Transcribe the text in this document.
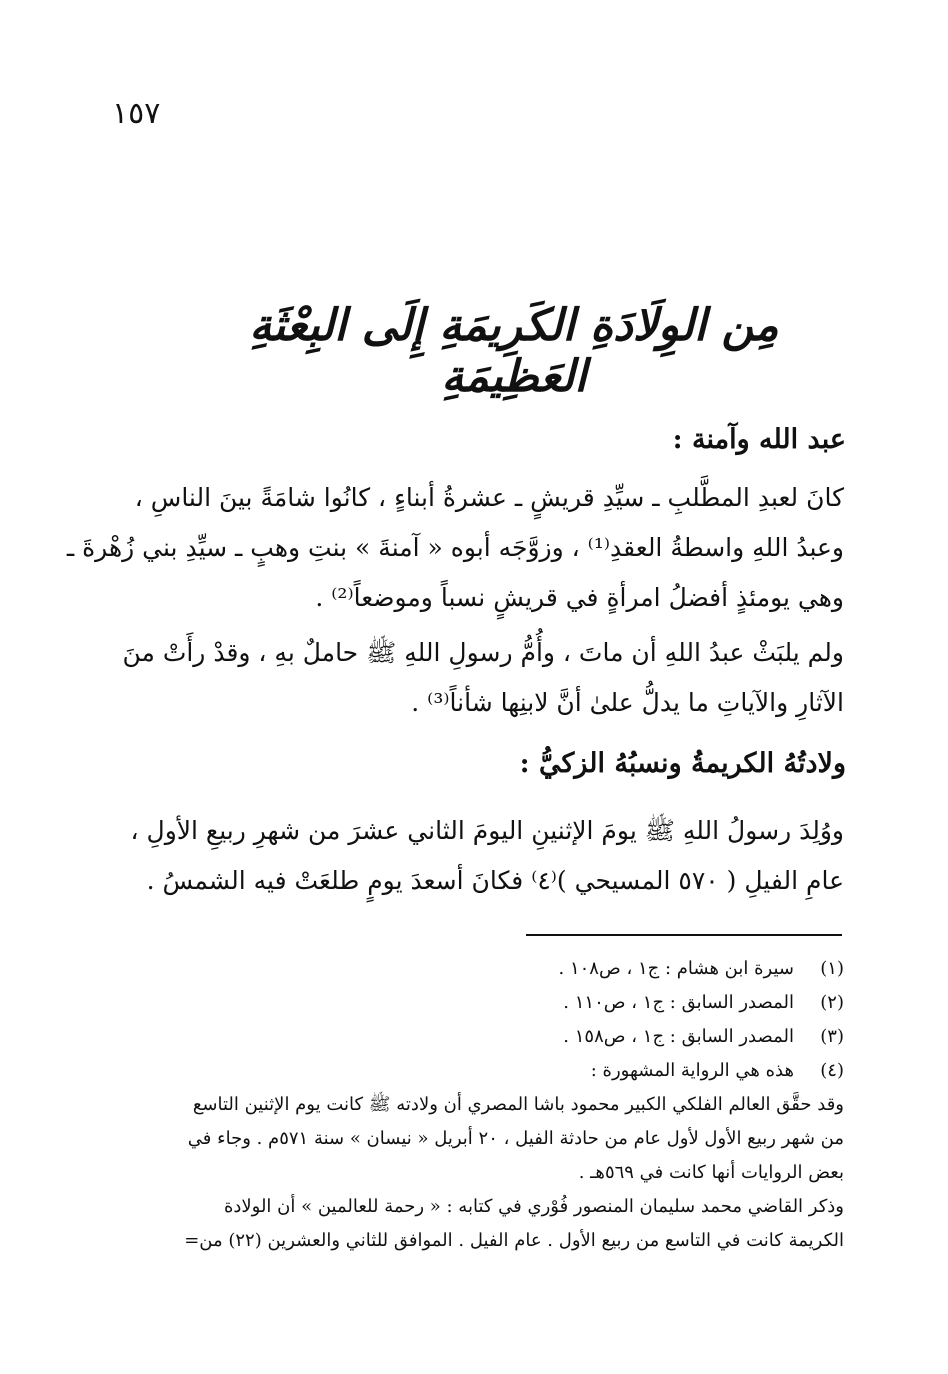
١٥٧
مِن الوِلَادَةِ الكَرِيمَةِ إِلَى البِعْثَةِ العَظِيمَةِ
عبد الله وآمنة :
كانَ لعبدِ المطَّلبِ ـ سيِّدِ قريشٍ ـ عشرةُ أبناءٍ ، كانُوا شامَةً بينَ الناسِ ،
وعبدُ اللهِ واسطةُ العقدِ⁽¹⁾ ، وزوَّجَه أبوه « آمنةَ » بنتِ وهبٍ ـ سيِّدِ بني زُهْرةَ ـ
وهي يومئذٍ أفضلُ امرأةٍ في قريشٍ نسباً وموضعاً⁽²⁾ .
ولم يلبَثْ عبدُ اللهِ أن ماتَ ، وأُمُّ رسولِ اللهِ ﷺ حاملٌ بهِ ، وقدْ رأَتْ منَ
الآثارِ والآياتِ ما يدلُّ علىٰ أنَّ لابنِها شأناً⁽³⁾ .
ولادتُهُ الكريمةُ ونسبُهُ الزكيُّ :
ووُلِدَ رسولُ اللهِ ﷺ يومَ الإثنينِ اليومَ الثاني عشرَ من شهرِ ربيعِ الأولِ ،
عامِ الفيلِ ( ٥٧٠ المسيحي )⁽٤⁾ فكانَ أسعدَ يومٍ طلعَتْ فيه الشمسُ .
(١)
سيرة ابن هشام : ج١ ، ص١٠٨ .
(٢)
المصدر السابق : ج١ ، ص١١٠ .
(٣)
المصدر السابق : ج١ ، ص١٥٨ .
(٤)
هذه هي الرواية المشهورة :
وقد حقَّق العالم الفلكي الكبير محمود باشا المصري أن ولادته ﷺ كانت يوم الإثنين التاسع
من شهر ربيع الأول لأول عام من حادثة الفيل ، ٢٠ أبريل « نيسان » سنة ٥٧١م . وجاء في
بعض الروايات أنها كانت في ٥٦٩هـ .
وذكر القاضي محمد سليمان المنصور فُوْري في كتابه : « رحمة للعالمين » أن الولادة
الكريمة كانت في التاسع من ربيع الأول . عام الفيل . الموافق للثاني والعشرين (٢٢) من=
